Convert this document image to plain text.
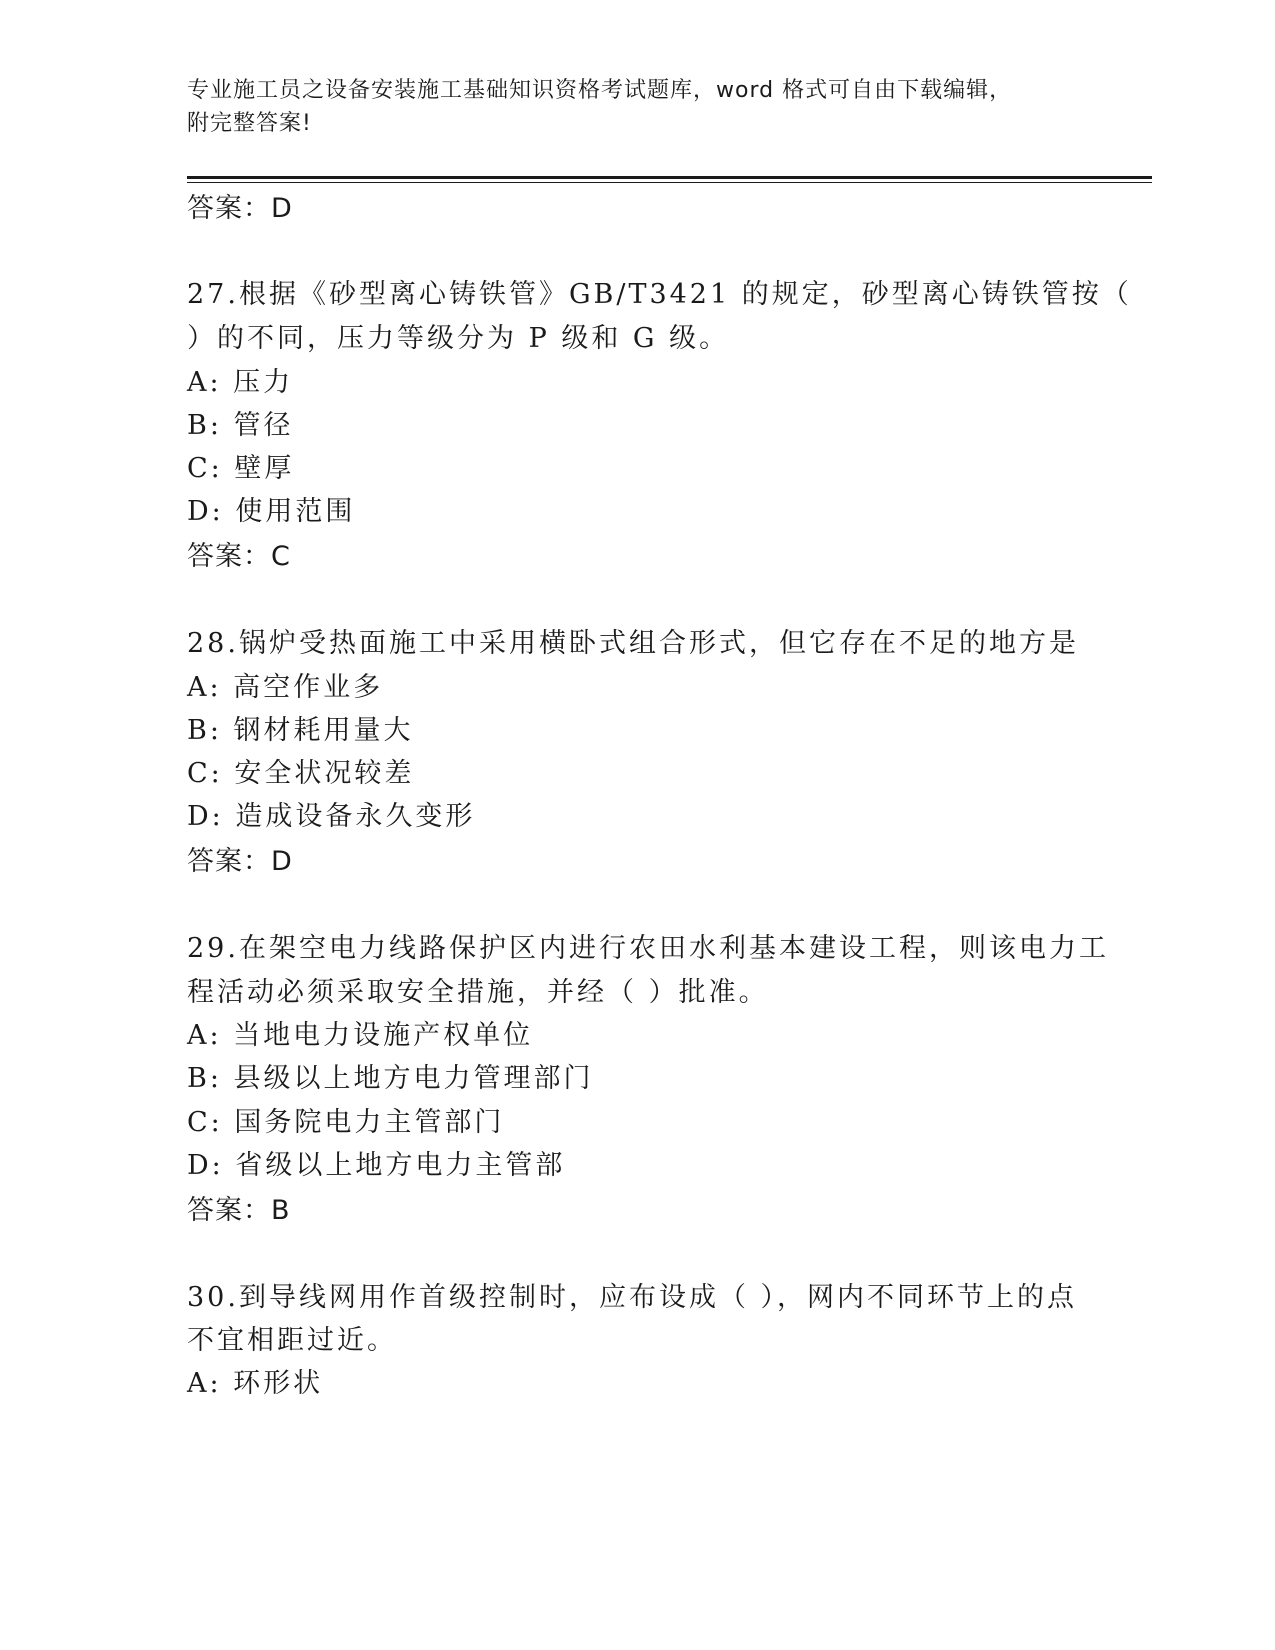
专业施工员之设备安装施工基础知识资格考试题库，word 格式可自由下载编辑，
附完整答案!
答案：D
27.根据《砂型离心铸铁管》GB/T3421 的规定，砂型离心铸铁管按（
）的不同，压力等级分为 P 级和 G 级。
A: 压力
B: 管径
C: 壁厚
D: 使用范围
答案：C
28.锅炉受热面施工中采用横卧式组合形式，但它存在不足的地方是
A: 高空作业多
B: 钢材耗用量大
C: 安全状况较差
D: 造成设备永久变形
答案：D
29.在架空电力线路保护区内进行农田水利基本建设工程，则该电力工
程活动必须采取安全措施，并经（ ）批准。
A: 当地电力设施产权单位
B: 县级以上地方电力管理部门
C: 国务院电力主管部门
D: 省级以上地方电力主管部
答案：B
30.到导线网用作首级控制时，应布设成（ ），网内不同环节上的点
不宜相距过近。
A: 环形状
